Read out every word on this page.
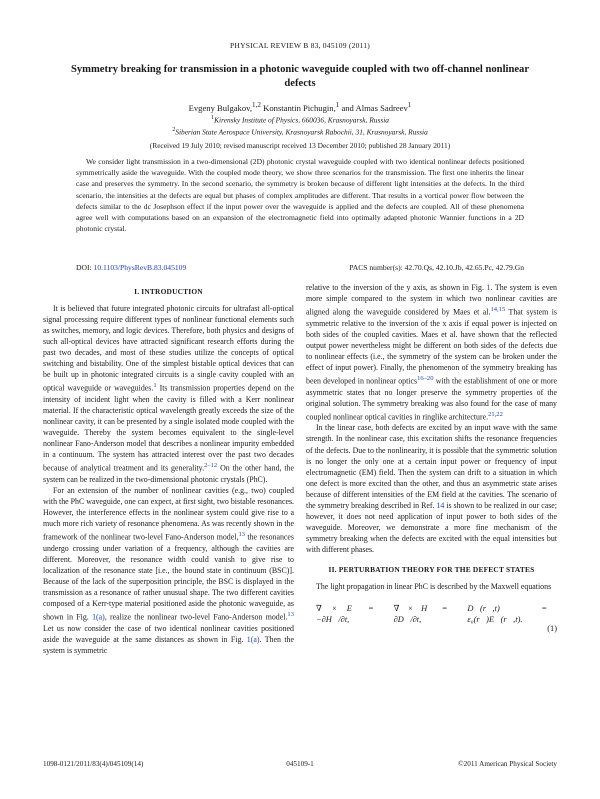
PHYSICAL REVIEW B 83, 045109 (2011)
Symmetry breaking for transmission in a photonic waveguide coupled with two off-channel nonlinear defects
Evgeny Bulgakov,$^{1,2}$ Konstantin Pichugin,$^1$ and Almas Sadreev$^1$
$^1$Kirensky Institute of Physics, 660036, Krasnoyarsk, Russia
$^2$Siberian State Aerospace University, Krasnoyarsk Rabochii, 31, Krasnoyarsk, Russia
(Received 19 July 2010; revised manuscript received 13 December 2010; published 28 January 2011)
We consider light transmission in a two-dimensional (2D) photonic crystal waveguide coupled with two identical nonlinear defects positioned symmetrically aside the waveguide. With the coupled mode theory, we show three scenarios for the transmission. The first one inherits the linear case and preserves the symmetry. In the second scenario, the symmetry is broken because of different light intensities at the defects. In the third scenario, the intensities at the defects are equal but phases of complex amplitudes are different. That results in a vortical power flow between the defects similar to the dc Josephson effect if the input power over the waveguide is applied and the defects are coupled. All of these phenomena agree well with computations based on an expansion of the electromagnetic field into optimally adapted photonic Wannier functions in a 2D photonic crystal.
DOI: 10.1103/PhysRevB.83.045109	PACS number(s): 42.70.Qs, 42.10.Jb, 42.65.Pc, 42.79.Gn
I. INTRODUCTION

It is believed that future integrated photonic circuits for ultrafast all-optical signal processing require different types of nonlinear functional elements such as switches, memory, and logic devices. Therefore, both physics and designs of such all-optical devices have attracted significant research efforts during the past two decades, and most of these studies utilize the concepts of optical switching and bistability. One of the simplest bistable optical devices that can be built up in photonic integrated circuits is a single cavity coupled with an optical waveguide or waveguides.$^1$ Its transmission properties depend on the intensity of incident light when the cavity is filled with a Kerr nonlinear material. If the characteristic optical wavelength greatly exceeds the size of the nonlinear cavity, it can be presented by a single isolated mode coupled with the waveguide. Thereby the system becomes equivalent to the single-level nonlinear Fano-Anderson model that describes a nonlinear impurity embedded in a continuum. The system has attracted interest over the past two decades because of analytical treatment and its generality.$^{2-12}$ On the other hand, the system can be realized in the two-dimensional photonic crystals (PhC).

For an extension of the number of nonlinear cavities (e.g., two) coupled with the PhC waveguide, one can expect, at first sight, two bistable resonances. However, the interference effects in the nonlinear system could give rise to a much more rich variety of resonance phenomena. As was recently shown in the framework of the nonlinear two-level Fano-Anderson model,$^{13}$ the resonances undergo crossing under variation of a frequency, although the cavities are different. Moreover, the resonance width could vanish to give rise to localization of the resonance state [i.e., the bound state in continuum (BSC)]. Because of the lack of the superposition principle, the BSC is displayed in the transmission as a resonance of rather unusual shape. The two different cavities composed of a Kerr-type material positioned aside the photonic waveguide, as shown in Fig. 1(a), realize the nonlinear two-level Fano-Anderson model.$^{13}$ Let us now consider the case of two identical nonlinear cavities positioned aside the waveguide at the same distances as shown in Fig. 1(a). Then the system is symmetric

relative to the inversion of the y axis, as shown in Fig. 1. The system is even more simple compared to the system in which two nonlinear cavities are aligned along the waveguide considered by Maes et al.$^{14,15}$ That system is symmetric relative to the inversion of the x axis if equal power is injected on both sides of the coupled cavities. Maes et al. have shown that the reflected output power nevertheless might be different on both sides of the defects due to nonlinear effects (i.e., the symmetry of the system can be broken under the effect of input power). Finally, the phenomenon of the symmetry breaking has been developed in nonlinear optics$^{16-20}$ with the establishment of one or more asymmetric states that no longer preserve the symmetry properties of the original solution. The symmetry breaking was also found for the case of many coupled nonlinear optical cavities in ringlike architecture.$^{21,22}$

In the linear case, both defects are excited by an input wave with the same strength. In the nonlinear case, this excitation shifts the resonance frequencies of the defects. Due to the nonlinearity, it is possible that the symmetric solution is no longer the only one at a certain input power or frequency of input electromagnetic (EM) field. Then the system can drift to a situation in which one defect is more excited than the other, and thus an asymmetric state arises because of different intensities of the EM field at the cavities. The scenario of the symmetry breaking described in Ref. 14 is shown to be realized in our case; however, it does not need application of input power to both sides of the waveguide. Moreover, we demonstrate a more fine mechanism of the symmetry breaking when the defects are excited with the equal intensities but with different phases.

II. PERTURBATION THEORY FOR THE DEFECT STATES

The light propagation in linear PhC is described by the Maxwell equations

∇ × E⃗ = −∂H⃗/∂t,
∇ × H⃗ = ∂D⃗/∂t,
D⃗(r⃗,t) = ε₀(r⃗)E⃗(r⃗,t).
(1)
1098-0121/2011/83(4)/045109(14)	045109-1	©2011 American Physical Society
